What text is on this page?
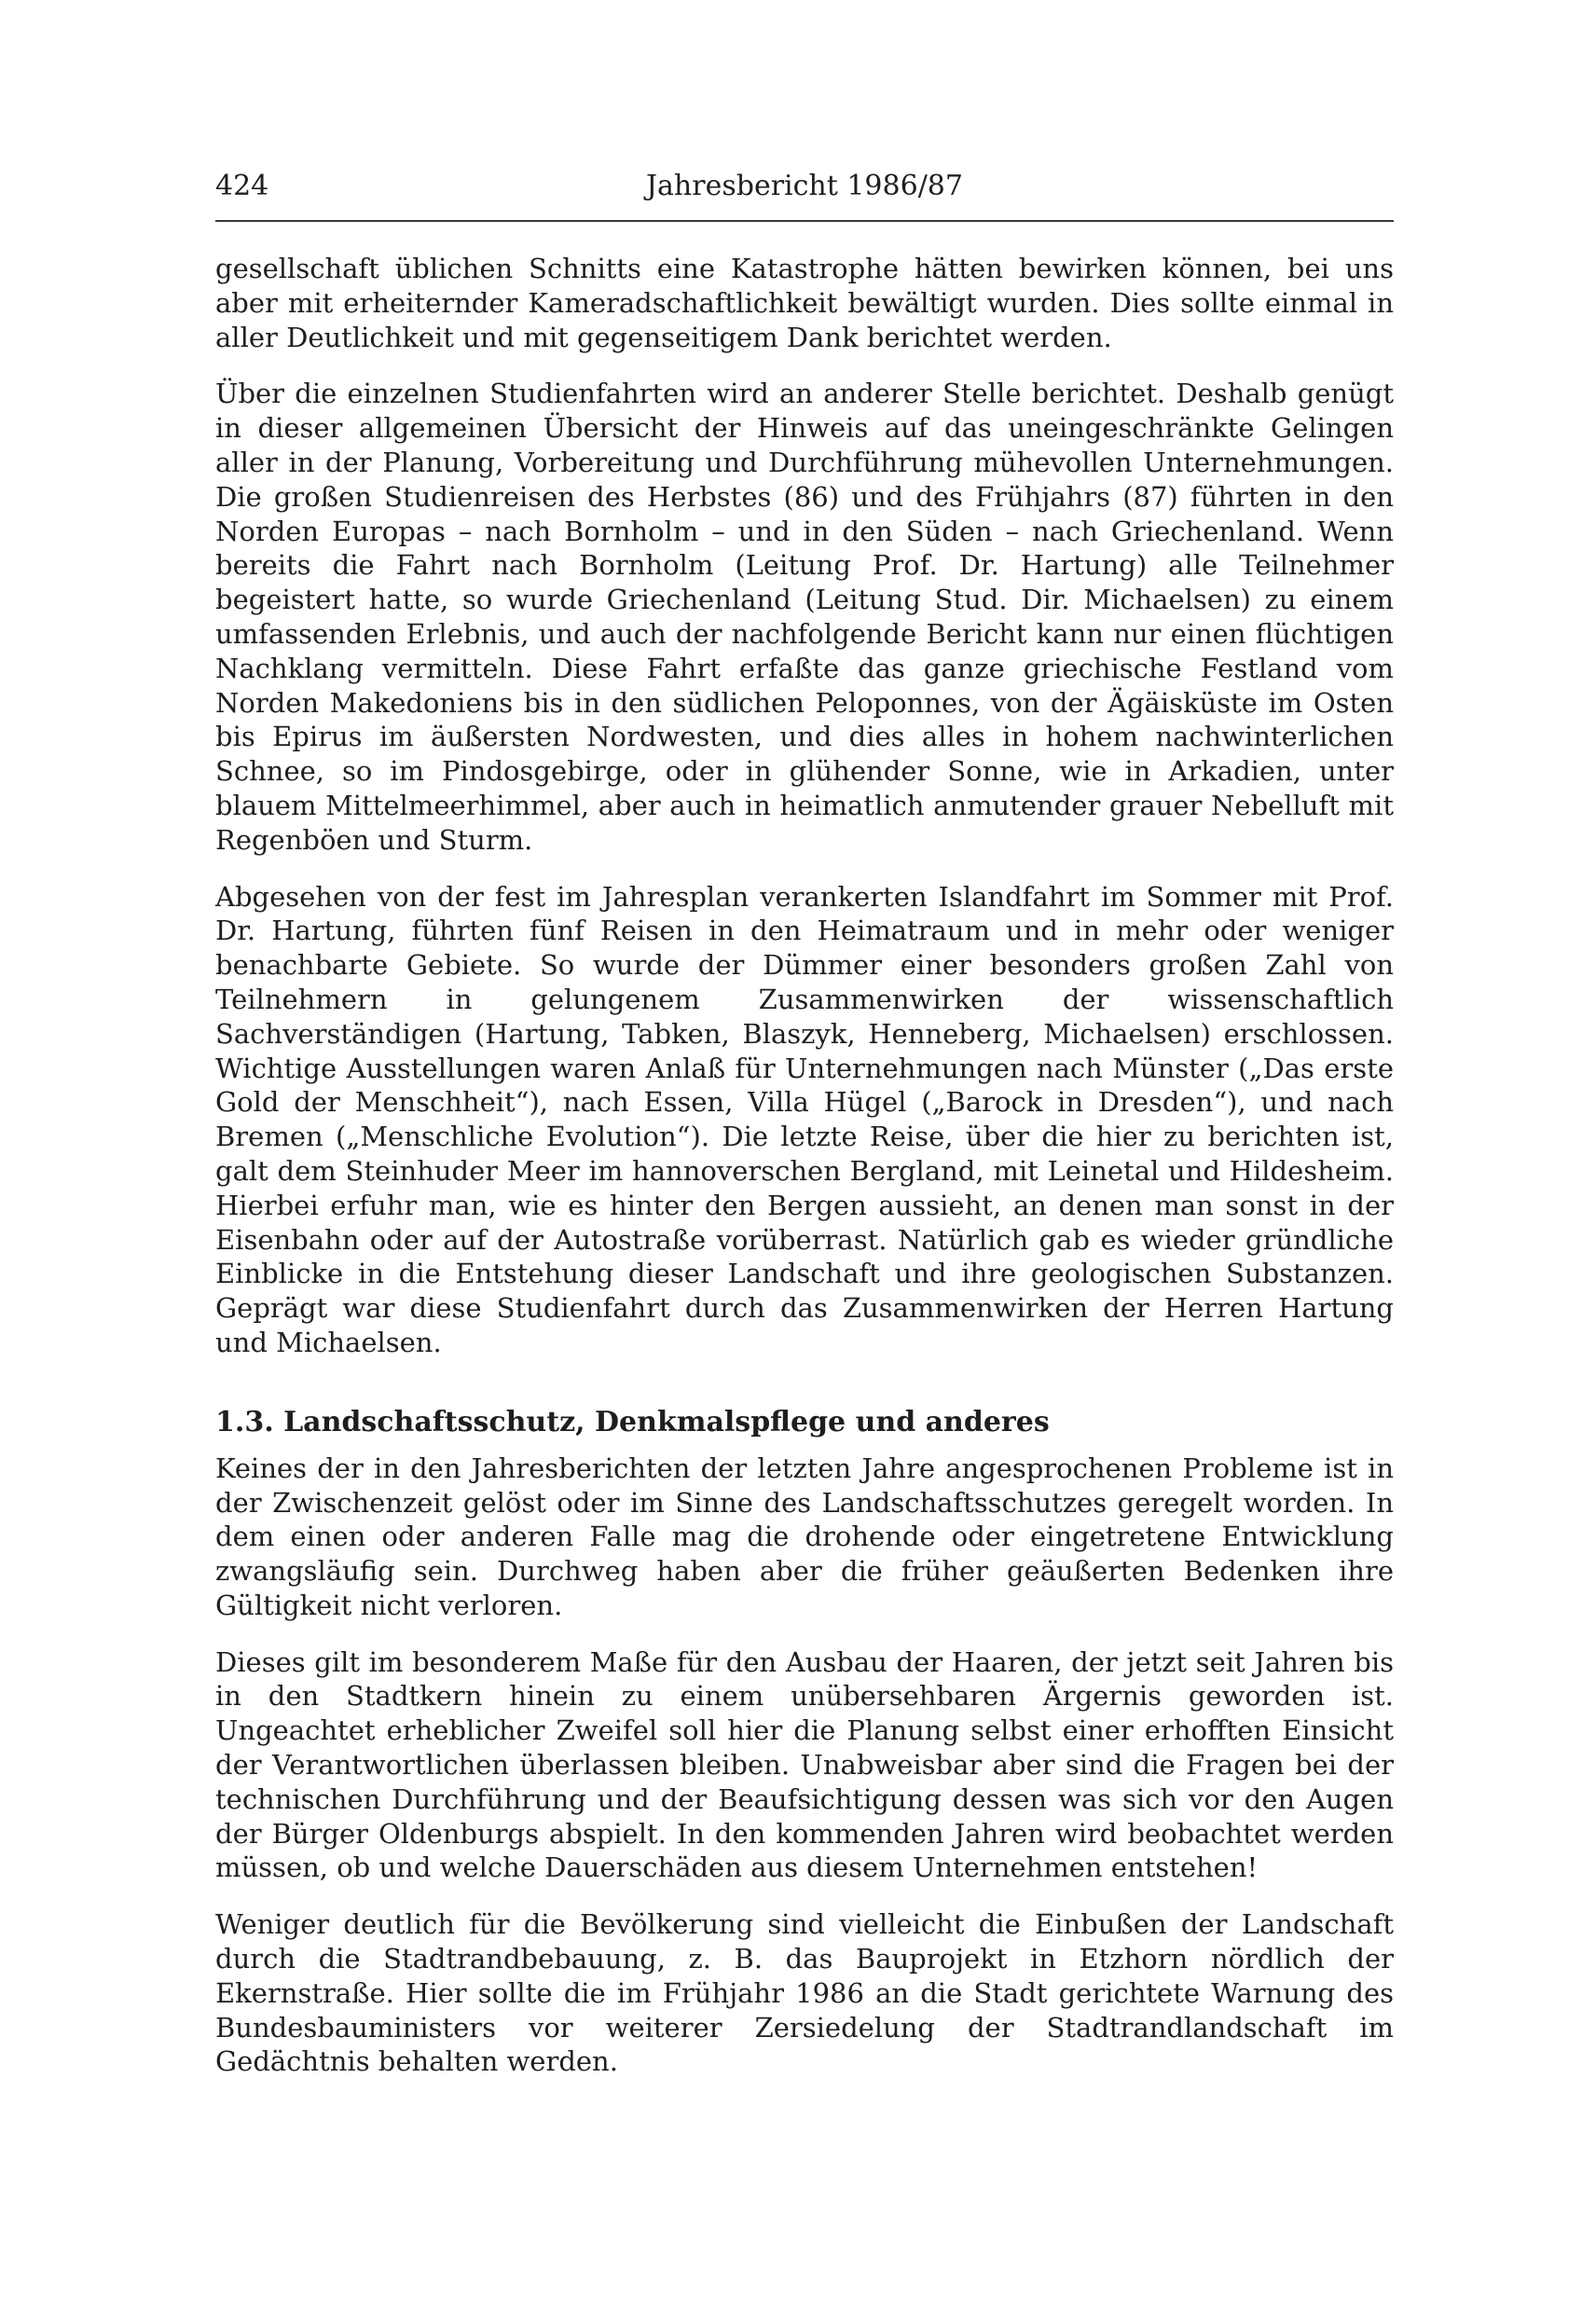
424	Jahresbericht 1986/87

gesellschaft üblichen Schnitts eine Katastrophe hätten bewirken können, bei uns aber mit erheiternder Kameradschaftlichkeit bewältigt wurden. Dies sollte einmal in aller Deutlichkeit und mit gegenseitigem Dank berichtet werden.

Über die einzelnen Studienfahrten wird an anderer Stelle berichtet. Deshalb genügt in dieser allgemeinen Übersicht der Hinweis auf das uneingeschränkte Gelingen aller in der Planung, Vorbereitung und Durchführung mühevollen Unternehmungen. Die großen Studienreisen des Herbstes (86) und des Frühjahrs (87) führten in den Norden Europas – nach Bornholm – und in den Süden – nach Griechenland. Wenn bereits die Fahrt nach Bornholm (Leitung Prof. Dr. Hartung) alle Teilnehmer begeistert hatte, so wurde Griechenland (Leitung Stud. Dir. Michaelsen) zu einem umfassenden Erlebnis, und auch der nachfolgende Bericht kann nur einen flüchtigen Nachklang vermitteln. Diese Fahrt erfaßte das ganze griechische Festland vom Norden Makedoniens bis in den südlichen Peloponnes, von der Ägäisküste im Osten bis Epirus im äußersten Nordwesten, und dies alles in hohem nachwinterlichen Schnee, so im Pindosgebirge, oder in glühender Sonne, wie in Arkadien, unter blauem Mittelmeerhimmel, aber auch in heimatlich anmutender grauer Nebelluft mit Regenböen und Sturm.

Abgesehen von der fest im Jahresplan verankerten Islandfahrt im Sommer mit Prof. Dr. Hartung, führten fünf Reisen in den Heimatraum und in mehr oder weniger benachbarte Gebiete. So wurde der Dümmer einer besonders großen Zahl von Teilnehmern in gelungenem Zusammenwirken der wissenschaftlich Sachverständigen (Hartung, Tabken, Blaszyk, Henneberg, Michaelsen) erschlossen. Wichtige Ausstellungen waren Anlaß für Unternehmungen nach Münster („Das erste Gold der Menschheit“), nach Essen, Villa Hügel („Barock in Dresden“), und nach Bremen („Menschliche Evolution“). Die letzte Reise, über die hier zu berichten ist, galt dem Steinhuder Meer im hannoverschen Bergland, mit Leinetal und Hildesheim. Hierbei erfuhr man, wie es hinter den Bergen aussieht, an denen man sonst in der Eisenbahn oder auf der Autostraße vorüberrast. Natürlich gab es wieder gründliche Einblicke in die Entstehung dieser Landschaft und ihre geologischen Substanzen. Geprägt war diese Studienfahrt durch das Zusammenwirken der Herren Hartung und Michaelsen.

1.3. Landschaftsschutz, Denkmalspflege und anderes

Keines der in den Jahresberichten der letzten Jahre angesprochenen Probleme ist in der Zwischenzeit gelöst oder im Sinne des Landschaftsschutzes geregelt worden. In dem einen oder anderen Falle mag die drohende oder eingetretene Entwicklung zwangsläufig sein. Durchweg haben aber die früher geäußerten Bedenken ihre Gültigkeit nicht verloren.

Dieses gilt im besonderem Maße für den Ausbau der Haaren, der jetzt seit Jahren bis in den Stadtkern hinein zu einem unübersehbaren Ärgernis geworden ist. Ungeachtet erheblicher Zweifel soll hier die Planung selbst einer erhofften Einsicht der Verantwortlichen überlassen bleiben. Unabweisbar aber sind die Fragen bei der technischen Durchführung und der Beaufsichtigung dessen was sich vor den Augen der Bürger Oldenburgs abspielt. In den kommenden Jahren wird beobachtet werden müssen, ob und welche Dauerschäden aus diesem Unternehmen entstehen!

Weniger deutlich für die Bevölkerung sind vielleicht die Einbußen der Landschaft durch die Stadtrandbebauung, z. B. das Bauprojekt in Etzhorn nördlich der Ekernstraße. Hier sollte die im Frühjahr 1986 an die Stadt gerichtete Warnung des Bundesbauministers vor weiterer Zersiedelung der Stadtrandlandschaft im Gedächtnis behalten werden.
